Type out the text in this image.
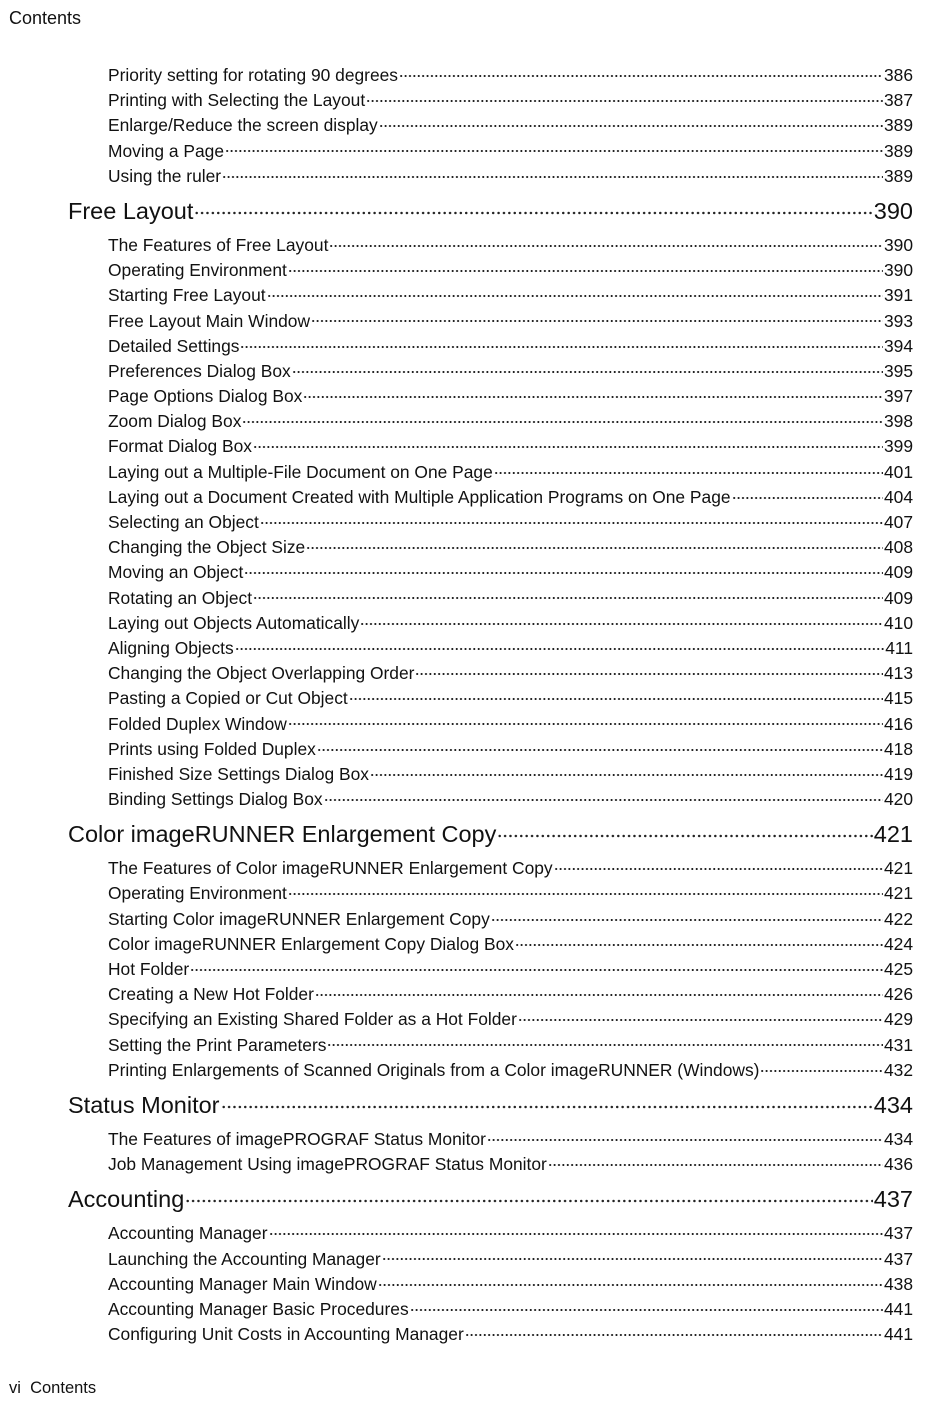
Contents
Priority setting for rotating 90 degrees	386
Printing with Selecting the Layout	387
Enlarge/Reduce the screen display	389
Moving a Page	389
Using the ruler	389
Free Layout	390
The Features of Free Layout	390
Operating Environment	390
Starting Free Layout	391
Free Layout Main Window	393
Detailed Settings	394
Preferences Dialog Box	395
Page Options Dialog Box	397
Zoom Dialog Box	398
Format Dialog Box	399
Laying out a Multiple-File Document on One Page	401
Laying out a Document Created with Multiple Application Programs on One Page	404
Selecting an Object	407
Changing the Object Size	408
Moving an Object	409
Rotating an Object	409
Laying out Objects Automatically	410
Aligning Objects	411
Changing the Object Overlapping Order	413
Pasting a Copied or Cut Object	415
Folded Duplex Window	416
Prints using Folded Duplex	418
Finished Size Settings Dialog Box	419
Binding Settings Dialog Box	420
Color imageRUNNER Enlargement Copy	421
The Features of Color imageRUNNER Enlargement Copy	421
Operating Environment	421
Starting Color imageRUNNER Enlargement Copy	422
Color imageRUNNER Enlargement Copy Dialog Box	424
Hot Folder	425
Creating a New Hot Folder	426
Specifying an Existing Shared Folder as a Hot Folder	429
Setting the Print Parameters	431
Printing Enlargements of Scanned Originals from a Color imageRUNNER (Windows)	432
Status Monitor	434
The Features of imagePROGRAF Status Monitor	434
Job Management Using imagePROGRAF Status Monitor	436
Accounting	437
Accounting Manager	437
Launching the Accounting Manager	437
Accounting Manager Main Window	438
Accounting Manager Basic Procedures	441
Configuring Unit Costs in Accounting Manager	441
vi Contents
